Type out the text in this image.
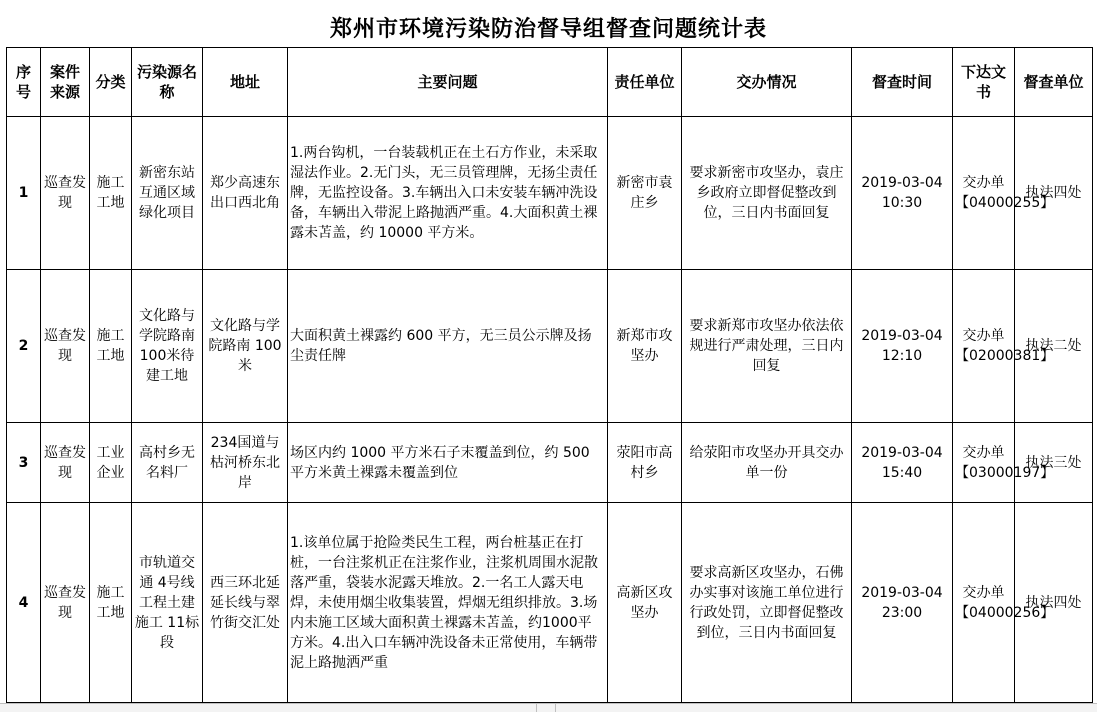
郑州市环境污染防治督导组督查问题统计表
序号	案件来源	分类	污染源名称	地址	主要问题	责任单位	交办情况	督查时间	下达文书	督查单位
1	巡查发现	施工工地	新密东站互通区域绿化项目	郑少高速东出口西北角	1.两台钩机，一台装载机正在土石方作业，未采取湿法作业。2.无门头，无三员管理牌，无扬尘责任牌，无监控设备。3.车辆出入口未安装车辆冲洗设备，车辆出入带泥上路抛洒严重。4.大面积黄土裸露未苫盖，约 10000 平方米。	新密市袁庄乡	要求新密市攻坚办，袁庄乡政府立即督促整改到位，三日内书面回复	2019-03-04 10:30	交办单【04000255】	执法四处
2	巡查发现	施工工地	文化路与学院路南100米待建工地	文化路与学院路南 100米	大面积黄土裸露约 600 平方，无三员公示牌及扬尘责任牌	新郑市攻坚办	要求新郑市攻坚办依法依规进行严肃处理，三日内回复	2019-03-04 12:10	交办单【02000381】	执法二处
3	巡查发现	工业企业	高村乡无名料厂	234国道与枯河桥东北岸	场区内约 1000 平方米石子末覆盖到位，约 500 平方米黄土裸露未覆盖到位	荥阳市高村乡	给荥阳市攻坚办开具交办单一份	2019-03-04 15:40	交办单【03000197】	执法三处
4	巡查发现	施工工地	市轨道交通 4号线工程土建施工 11标段	西三环北延延长线与翠竹街交汇处	1.该单位属于抢险类民生工程，两台桩基正在打桩，一台注浆机正在注浆作业，注浆机周围水泥散落严重，袋装水泥露天堆放。2.一名工人露天电焊，未使用烟尘收集装置，焊烟无组织排放。3.场内未施工区域大面积黄土裸露未苫盖，约1000平方米。4.出入口车辆冲洗设备未正常使用，车辆带泥上路抛洒严重	高新区攻坚办	要求高新区攻坚办，石佛办实事对该施工单位进行行政处罚，立即督促整改到位，三日内书面回复	2019-03-04 23:00	交办单【04000256】	执法四处
